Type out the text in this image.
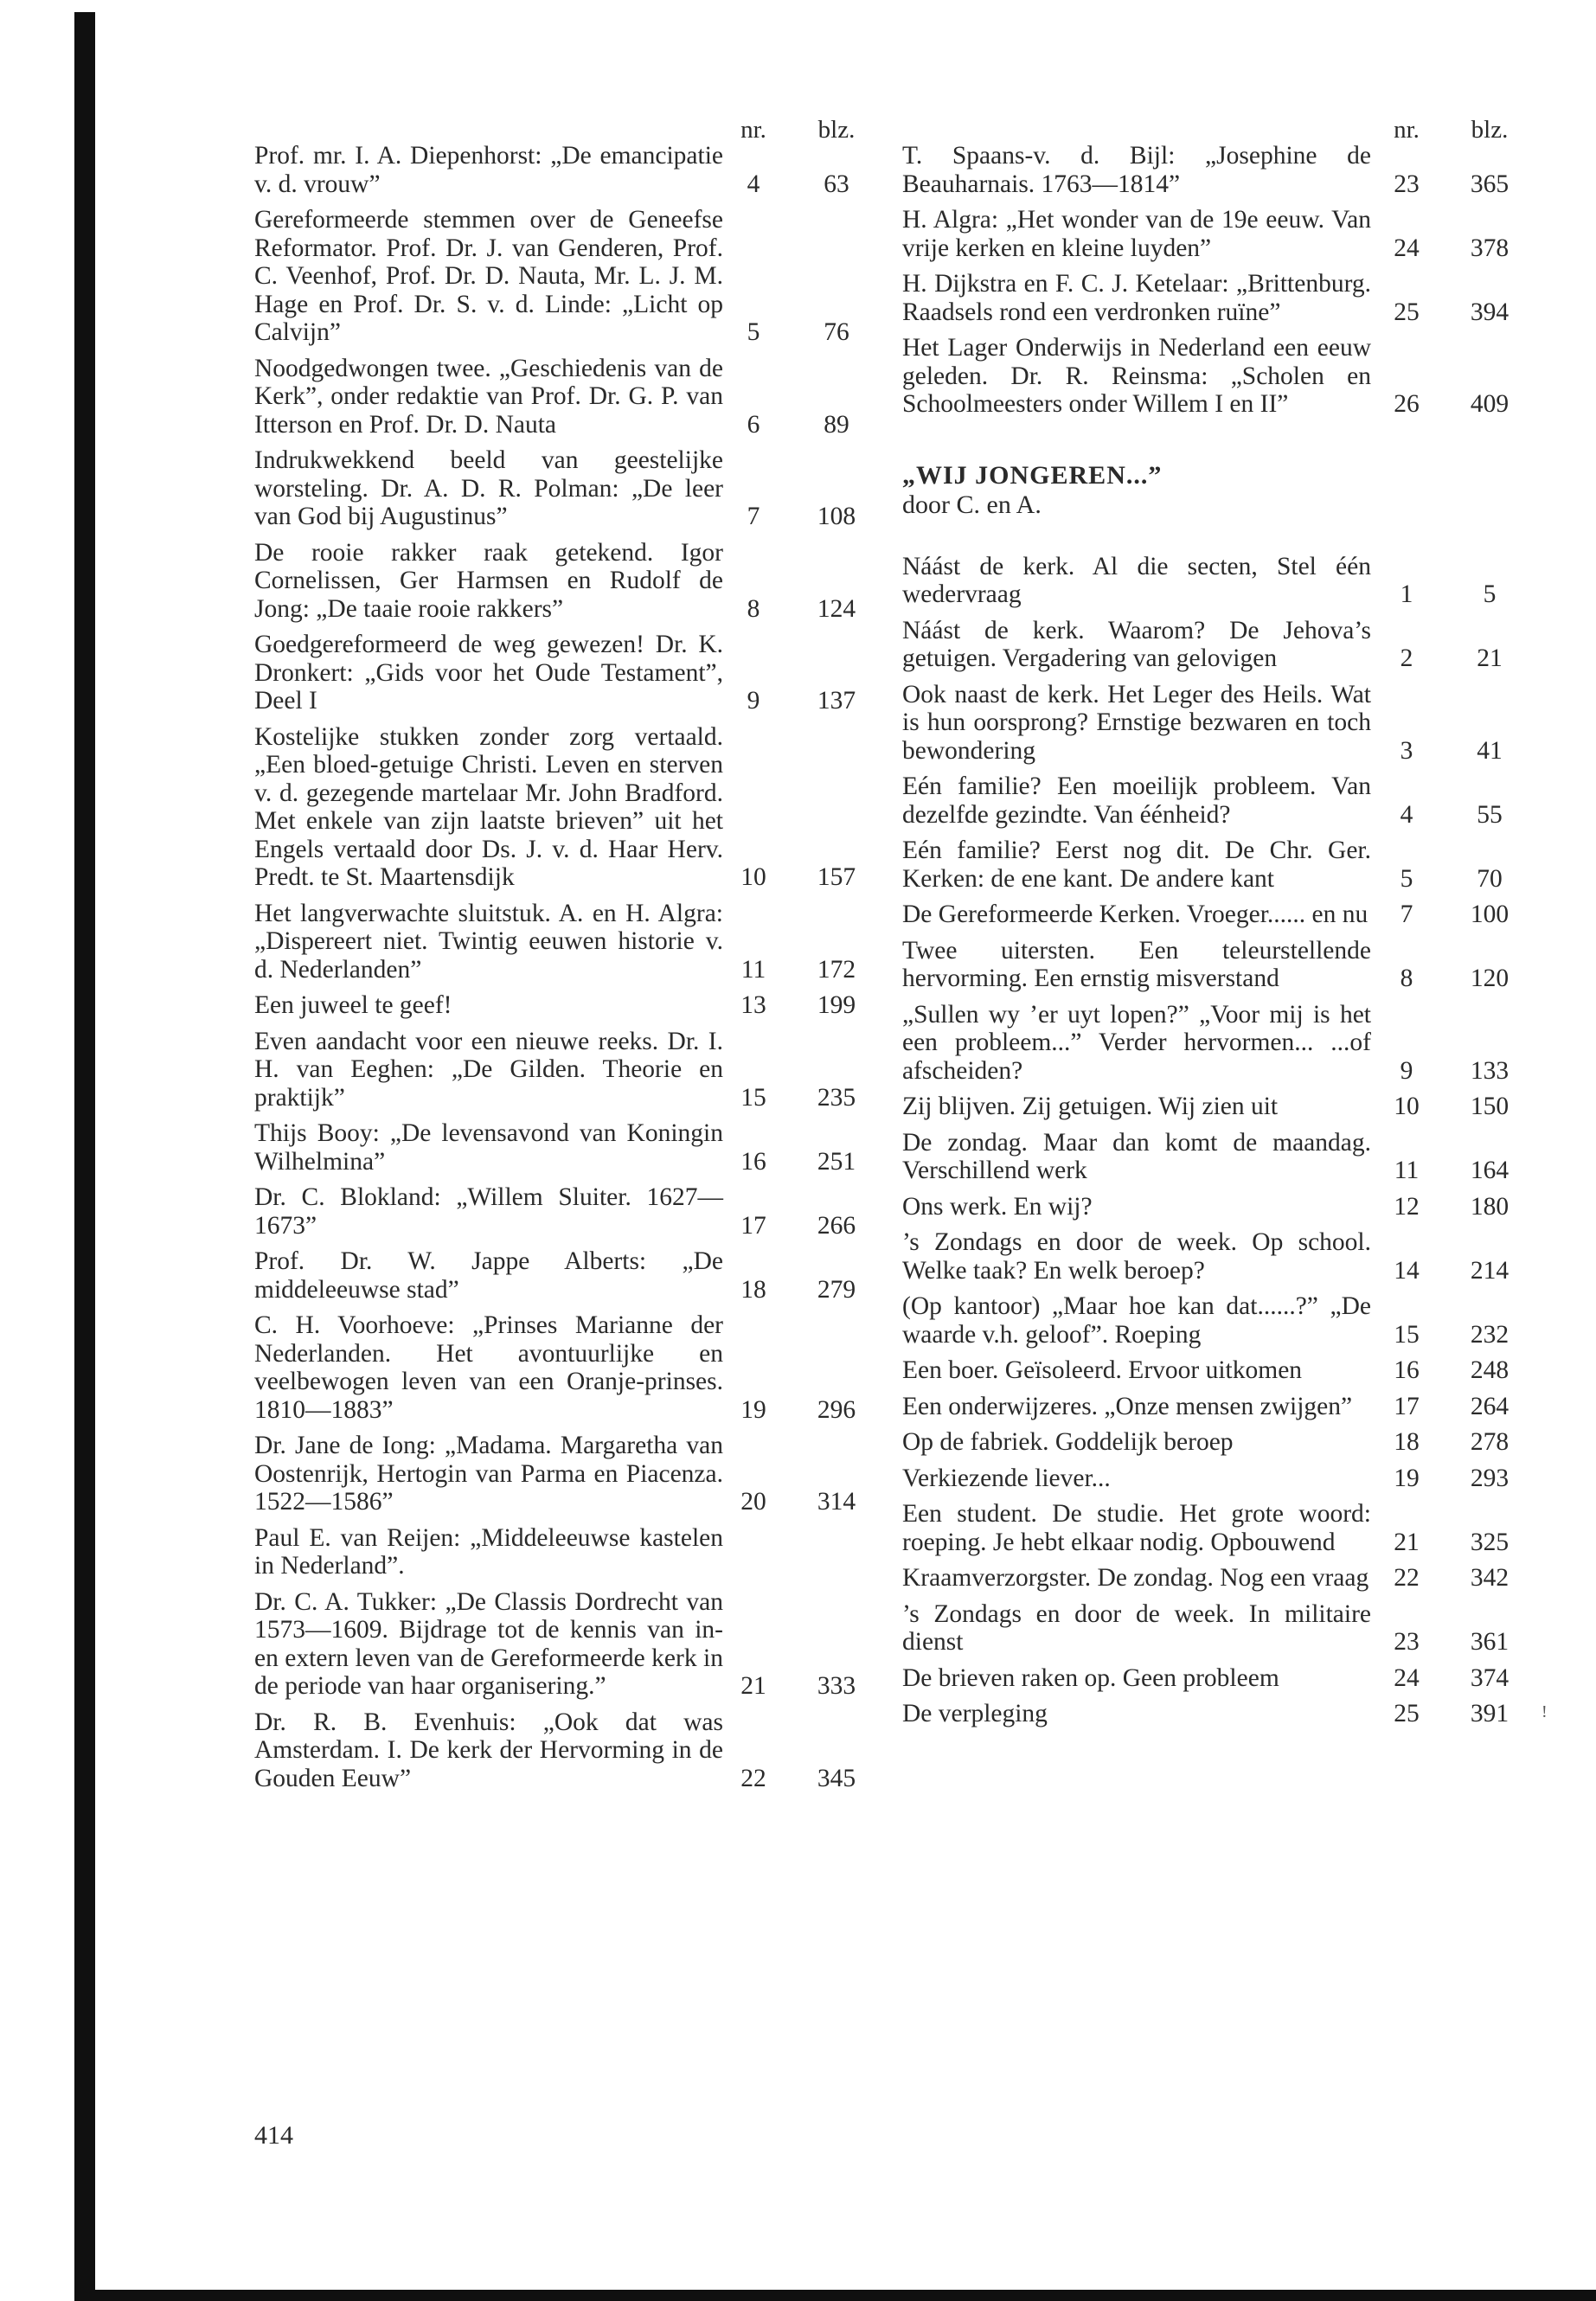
nr.	blz.
Prof. mr. I. A. Diepenhorst: „De emancipatie v. d. vrouw”	4	63
Gereformeerde stemmen over de Geneefse Reformator. Prof. Dr. J. van Genderen, Prof. C. Veenhof, Prof. Dr. D. Nauta, Mr. L. J. M. Hage en Prof. Dr. S. v. d. Linde: „Licht op Calvijn”	5	76
Noodgedwongen twee. „Geschiedenis van de Kerk”, onder redaktie van Prof. Dr. G. P. van Itterson en Prof. Dr. D. Nauta	6	89
Indrukwekkend beeld van geestelijke worsteling. Dr. A. D. R. Polman: „De leer van God bij Augustinus”	7	108
De rooie rakker raak getekend. Igor Cornelissen, Ger Harmsen en Rudolf de Jong: „De taaie rooie rakkers”	8	124
Goedgereformeerd de weg gewezen! Dr. K. Dronkert: „Gids voor het Oude Testament”, Deel I	9	137
Kostelijke stukken zonder zorg vertaald. „Een bloed-getuige Christi. Leven en sterven v. d. gezegende martelaar Mr. John Bradford. Met enkele van zijn laatste brieven” uit het Engels vertaald door Ds. J. v. d. Haar Herv. Predt. te St. Maartensdijk	10	157
Het langverwachte sluitstuk. A. en H. Algra: „Dispereert niet. Twintig eeuwen historie v. d. Nederlanden”	11	172
Een juweel te geef!	13	199
Even aandacht voor een nieuwe reeks. Dr. I. H. van Eeghen: „De Gilden. Theorie en praktijk”	15	235
Thijs Booy: „De levensavond van Koningin Wilhelmina”	16	251
Dr. C. Blokland: „Willem Sluiter. 1627—1673”	17	266
Prof. Dr. W. Jappe Alberts: „De middeleeuwse stad”	18	279
C. H. Voorhoeve: „Prinses Marianne der Nederlanden. Het avontuurlijke en veelbewogen leven van een Oranje-prinses. 1810—1883”	19	296
Dr. Jane de Iong: „Madama. Margaretha van Oostenrijk, Hertogin van Parma en Piacenza. 1522—1586”	20	314
Paul E. van Reijen: „Middeleeuwse kastelen in Nederland”.
Dr. C. A. Tukker: „De Classis Dordrecht van 1573—1609. Bijdrage tot de kennis van in- en extern leven van de Gereformeerde kerk in de periode van haar organisering.”	21	333
Dr. R. B. Evenhuis: „Ook dat was Amsterdam. I. De kerk der Hervorming in de Gouden Eeuw”	22	345
nr.	blz.
T. Spaans-v. d. Bijl: „Josephine de Beauharnais. 1763—1814”	23	365
H. Algra: „Het wonder van de 19e eeuw. Van vrije kerken en kleine luyden”	24	378
H. Dijkstra en F. C. J. Ketelaar: „Brittenburg. Raadsels rond een verdronken ruïne”	25	394
Het Lager Onderwijs in Nederland een eeuw geleden. Dr. R. Reinsma: „Scholen en Schoolmeesters onder Willem I en II”	26	409
„WIJ JONGEREN...”
door C. en A.
Náást de kerk. Al die secten, Stel één wedervraag	1	5
Náást de kerk. Waarom? De Jehova’s getuigen. Vergadering van gelovigen	2	21
Ook naast de kerk. Het Leger des Heils. Wat is hun oorsprong? Ernstige bezwaren en toch bewondering	3	41
Eén familie? Een moeilijk probleem. Van dezelfde gezindte. Van éénheid?	4	55
Eén familie? Eerst nog dit. De Chr. Ger. Kerken: de ene kant. De andere kant	5	70
De Gereformeerde Kerken. Vroeger...... en nu	7	100
Twee uitersten. Een teleurstellende hervorming. Een ernstig misverstand	8	120
„Sullen wy ’er uyt lopen?” „Voor mij is het een probleem...” Verder hervormen... ...of afscheiden?	9	133
Zij blijven. Zij getuigen. Wij zien uit	10	150
De zondag. Maar dan komt de maandag. Verschillend werk	11	164
Ons werk. En wij?	12	180
’s Zondags en door de week. Op school. Welke taak? En welk beroep?	14	214
(Op kantoor) „Maar hoe kan dat......?” „De waarde v.h. geloof”. Roeping	15	232
Een boer. Geïsoleerd. Ervoor uitkomen	16	248
Een onderwijzeres. „Onze mensen zwijgen”	17	264
Op de fabriek. Goddelijk beroep	18	278
Verkiezende liever...	19	293
Een student. De studie. Het grote woord: roeping. Je hebt elkaar nodig. Opbouwend	21	325
Kraamverzorgster. De zondag. Nog een vraag 22	342
’s Zondags en door de week. In militaire dienst	23	361
De brieven raken op. Geen probleem	24	374
De verpleging	25	391
414
!
